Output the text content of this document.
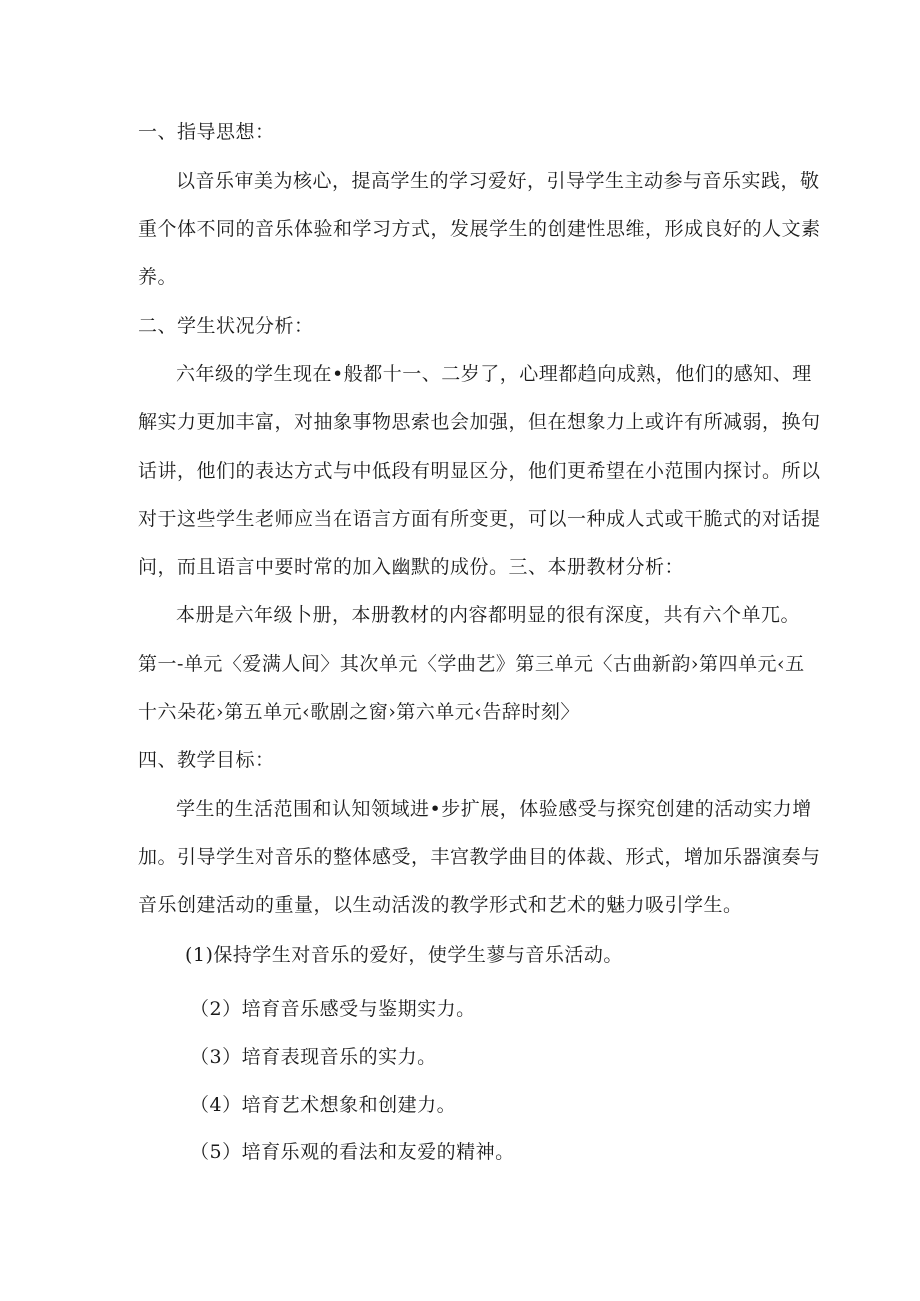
一、指导思想：
以音乐审美为核心，提高学生的学习爱好，引导学生主动参与音乐实践，敬
重个体不同的音乐体验和学习方式，发展学生的创建性思维，形成良好的人文素
养。
二、学生状况分析：
六年级的学生现在•般都十一、二岁了，心理都趋向成熟，他们的感知、理
解实力更加丰富，对抽象事物思索也会加强，但在想象力上或许有所减弱，换句
话讲，他们的表达方式与中低段有明显区分，他们更希望在小范围内探讨。所以
对于这些学生老师应当在语言方面有所变更，可以一种成人式或干脆式的对话提
问，而且语言中要时常的加入幽默的成份。三、本册教材分析：
本册是六年级卜册，本册教材的内容都明显的很有深度，共有六个单兀。
第一-单元〈爱满人间〉其次单元〈学曲艺》第三单元〈古曲新韵›第四单元‹五
十六朵花›第五单元‹歌剧之窗›第六单元‹告辞时刻〉
四、教学目标：
学生的生活范围和认知领域进•步扩展，体验感受与探究创建的活动实力增
加。引导学生对音乐的整体感受，丰宫教学曲目的体裁、形式，增加乐器演奏与
音乐创建活动的重量，以生动活泼的教学形式和艺术的魅力吸引学生。
(1)保持学生对音乐的爱好，使学生蓼与音乐活动。
（2）培育音乐感受与鉴期实力。
（3）培育表现音乐的实力。
（4）培育艺术想象和创建力。
（5）培育乐观的看法和友爱的精神。
